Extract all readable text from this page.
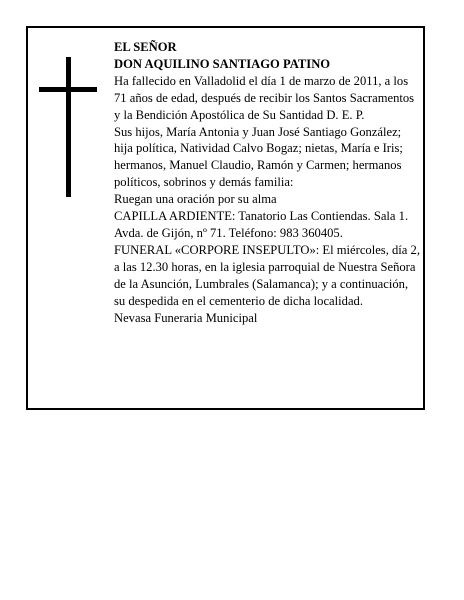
EL SEÑOR

DON AQUILINO SANTIAGO PATINO

Ha fallecido en Valladolid el día 1 de marzo de 2011, a los 71 años de edad, después de recibir los Santos Sacramentos y la Bendición Apostólica de Su Santidad D. E. P.

Sus hijos, María Antonia y Juan José Santiago González; hija política, Natividad Calvo Bogaz; nietas, María e Iris; hermanos, Manuel Claudio, Ramón y Carmen; hermanos políticos, sobrinos y demás familia:

Ruegan una oración por su alma

CAPILLA ARDIENTE: Tanatorio Las Contiendas. Sala 1. Avda. de Gijón, nº 71. Teléfono: 983 360405.

FUNERAL «CORPORE INSEPULTO»: El miércoles, día 2, a las 12.30 horas, en la iglesia parroquial de Nuestra Señora de la Asunción, Lumbrales (Salamanca); y a continuación, su despedida en el cementerio de dicha localidad.

Nevasa Funeraria Municipal
